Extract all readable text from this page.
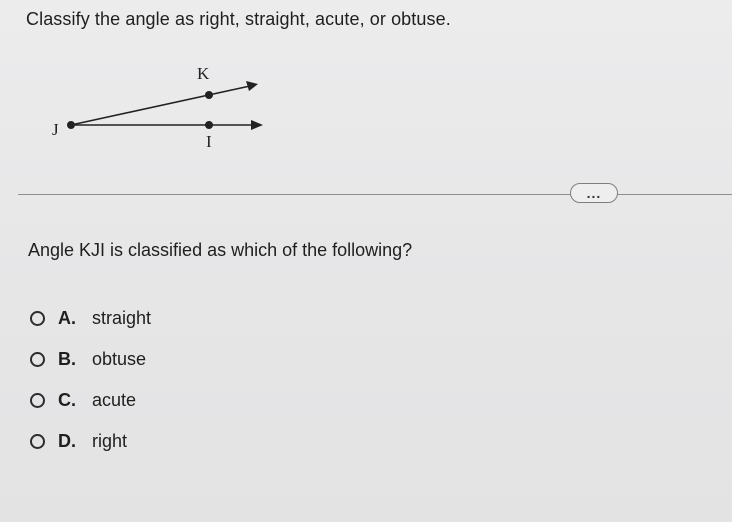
Classify the angle as right, straight, acute, or obtuse.
K
J
I
...
Angle KJI is classified as which of the following?
A. straight
B. obtuse
C. acute
D. right
